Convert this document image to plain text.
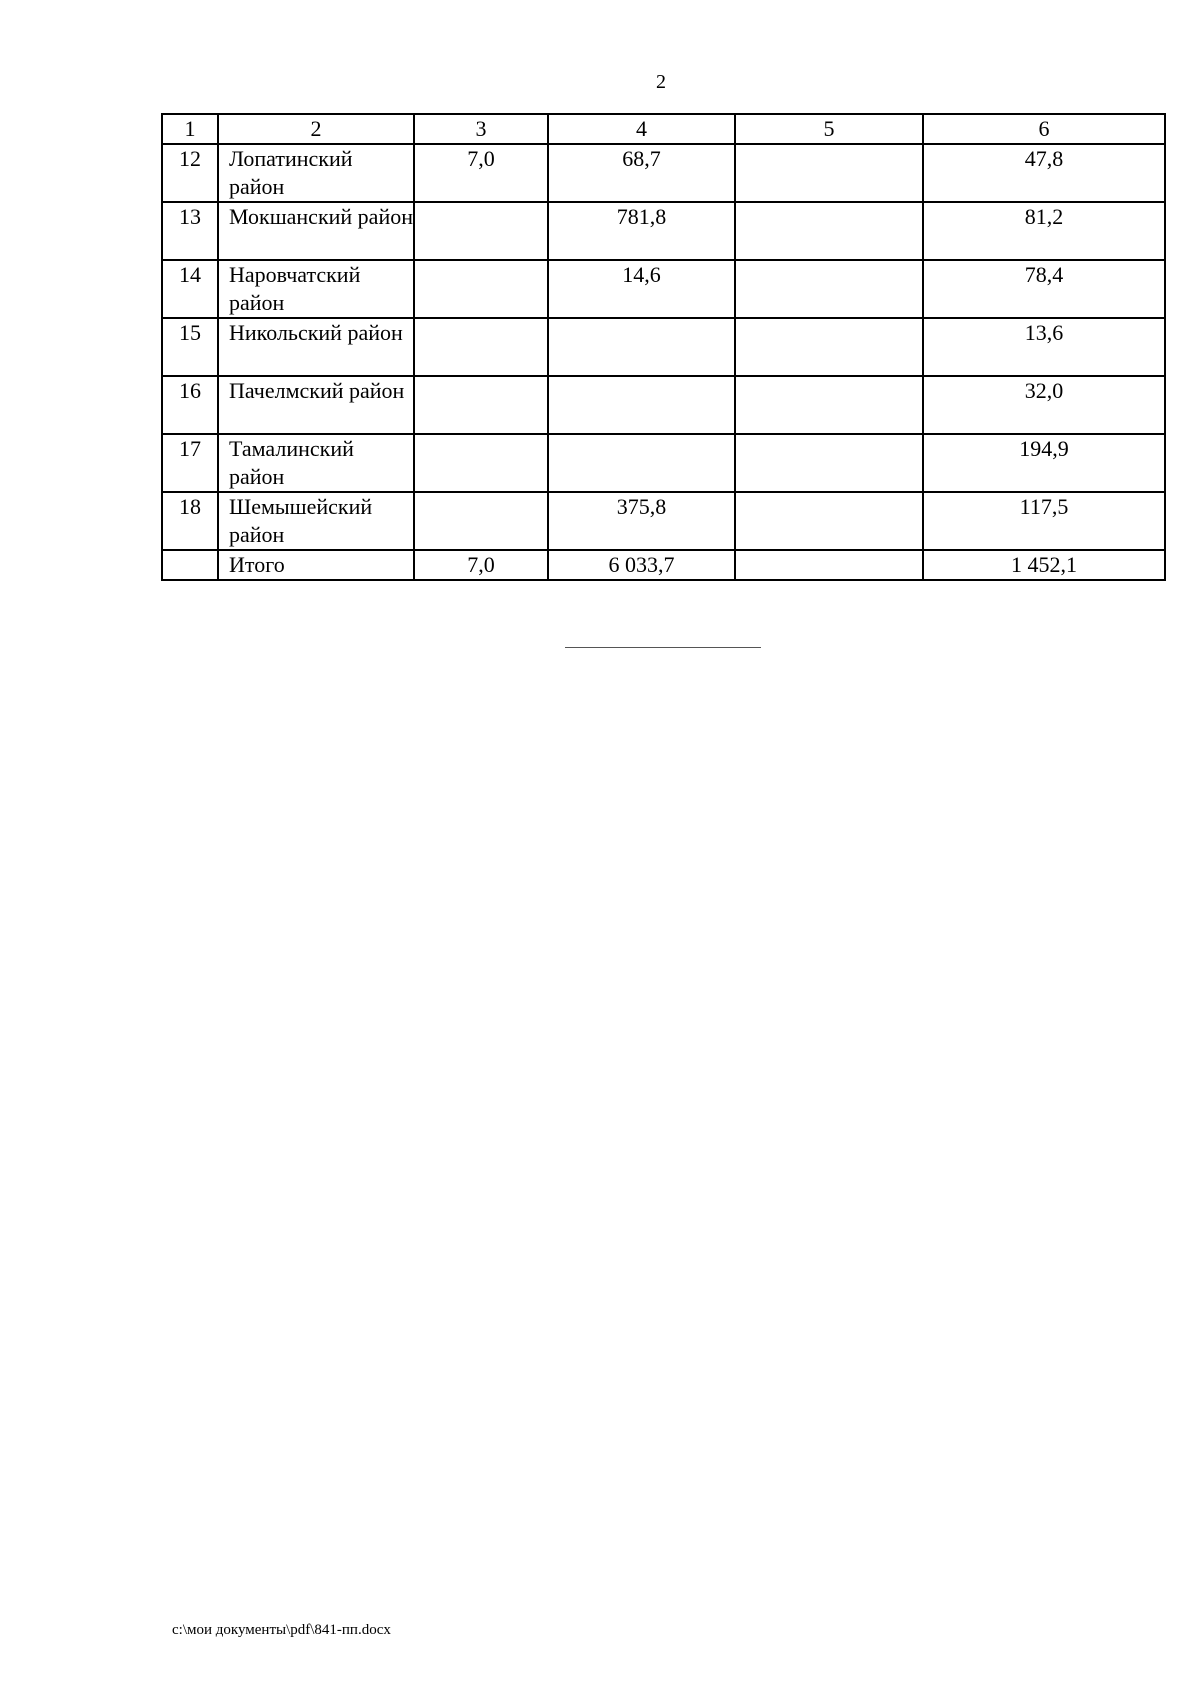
2
1	2	3	4	5	6
12	Лопатинский район	7,0	68,7		47,8
13	Мокшанский район		781,8		81,2
14	Наровчатский район		14,6		78,4
15	Никольский район				13,6
16	Пачелмский район				32,0
17	Тамалинский район				194,9
18	Шемышейский район		375,8		117,5
	Итого	7,0	6 033,7		1 452,1
c:\мои документы\pdf\841-пп.docx
